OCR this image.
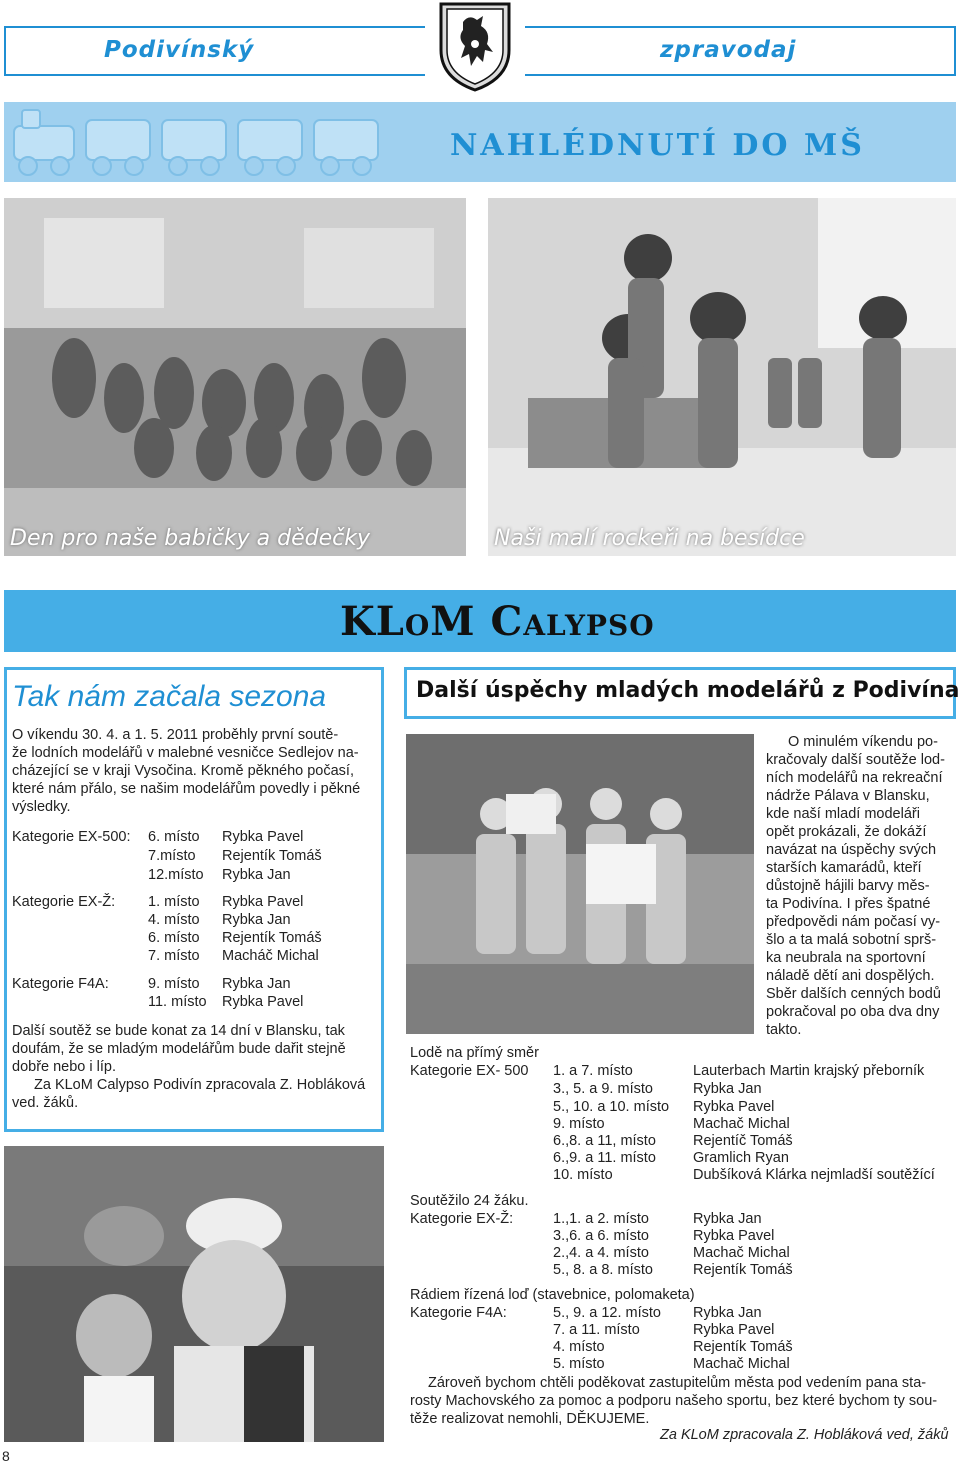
Podivínský	zpravodaj
NAHLÉDNUTÍ DO MŠ
Den pro naše babičky a dědečky	Naši malí rockeři na besídce
KLoM Calypso
Tak nám začala sezona
O víkendu 30. 4. a 1. 5. 2011 proběhly první soutě-
že lodních modelářů v malebné vesničce Sedlejov na-
cházející se v kraji Vysočina. Kromě pěkného počasí,
které nám přálo, se našim modelářům povedly i pěkné
výsledky.
Kategorie EX-500: 6. místo Rybka Pavel
7.místo Rejentík Tomáš
12.místo Rybka Jan
Kategorie EX-Ž: 1. místo Rybka Pavel
4. místo Rybka Jan
6. místo Rejentík Tomáš
7. místo Macháč Michal
Kategorie F4A:	9. místo Rybka Jan
11. místo Rybka Pavel
Další soutěž se bude konat za 14 dní v Blansku, tak
doufám, že se mladým modelářům bude dařit stejně
dobře nebo i líp.
Za KLoM Calypso Podivín zpracovala Z. Hobláková
ved. žáků.
Další úspěchy mladých modelářů z Podivína
O minulém víkendu po-
kračovaly další soutěže lod-
ních modelářů na rekreační
nádrže Pálava v Blansku,
kde naší mladí modeláři
opět prokázali, že dokáží
navázat na úspěchy svých
starších kamarádů, kteří
důstojně hájili barvy měs-
ta Podivína. I přes špatné
předpovědi nám počasí vy-
šlo a ta malá sobotní sprš-
ka neubrala na sportovní
náladě dětí ani dospělých.
Sběr dalších cenných bodů
pokračoval po oba dva dny
takto.
Lodě na přímý směr
Kategorie EX- 500 1. a 7. místo	Lauterbach Martin krajský přeborník
3., 5. a 9. místo	Rybka Jan
5., 10. a 10. místo Rybka Pavel
9. místo	Machač Michal
6.,8. a 11, místo	Rejentíč Tomáš
6.,9. a 11. místo	Gramlich Ryan
10. místo	Dubšíková Klárka nejmladší soutěžící
Soutěžilo 24 žáku.
Kategorie EX-Ž:	1.,1. a 2. místo	Rybka Jan
3.,6. a 6. místo	Rybka Pavel
2.,4. a 4. místo	Machač Michal
5., 8. a 8. místo	Rejentík Tomáš
Rádiem řízená loď (stavebnice, polomaketa)
Kategorie F4A:	5., 9. a 12. místo Rybka Jan
7. a 11. místo	Rybka Pavel
4. místo	Rejentík Tomáš
5. místo	Machač Michal
Zároveň bychom chtěli poděkovat zastupitelům města pod vedením pana sta-
rosty Machovského za pomoc a podporu našeho sportu, bez které bychom ty sou-
těže realizovat nemohli, DĚKUJEME.
Za KLoM zpracovala Z. Hobláková ved, žáků
8
